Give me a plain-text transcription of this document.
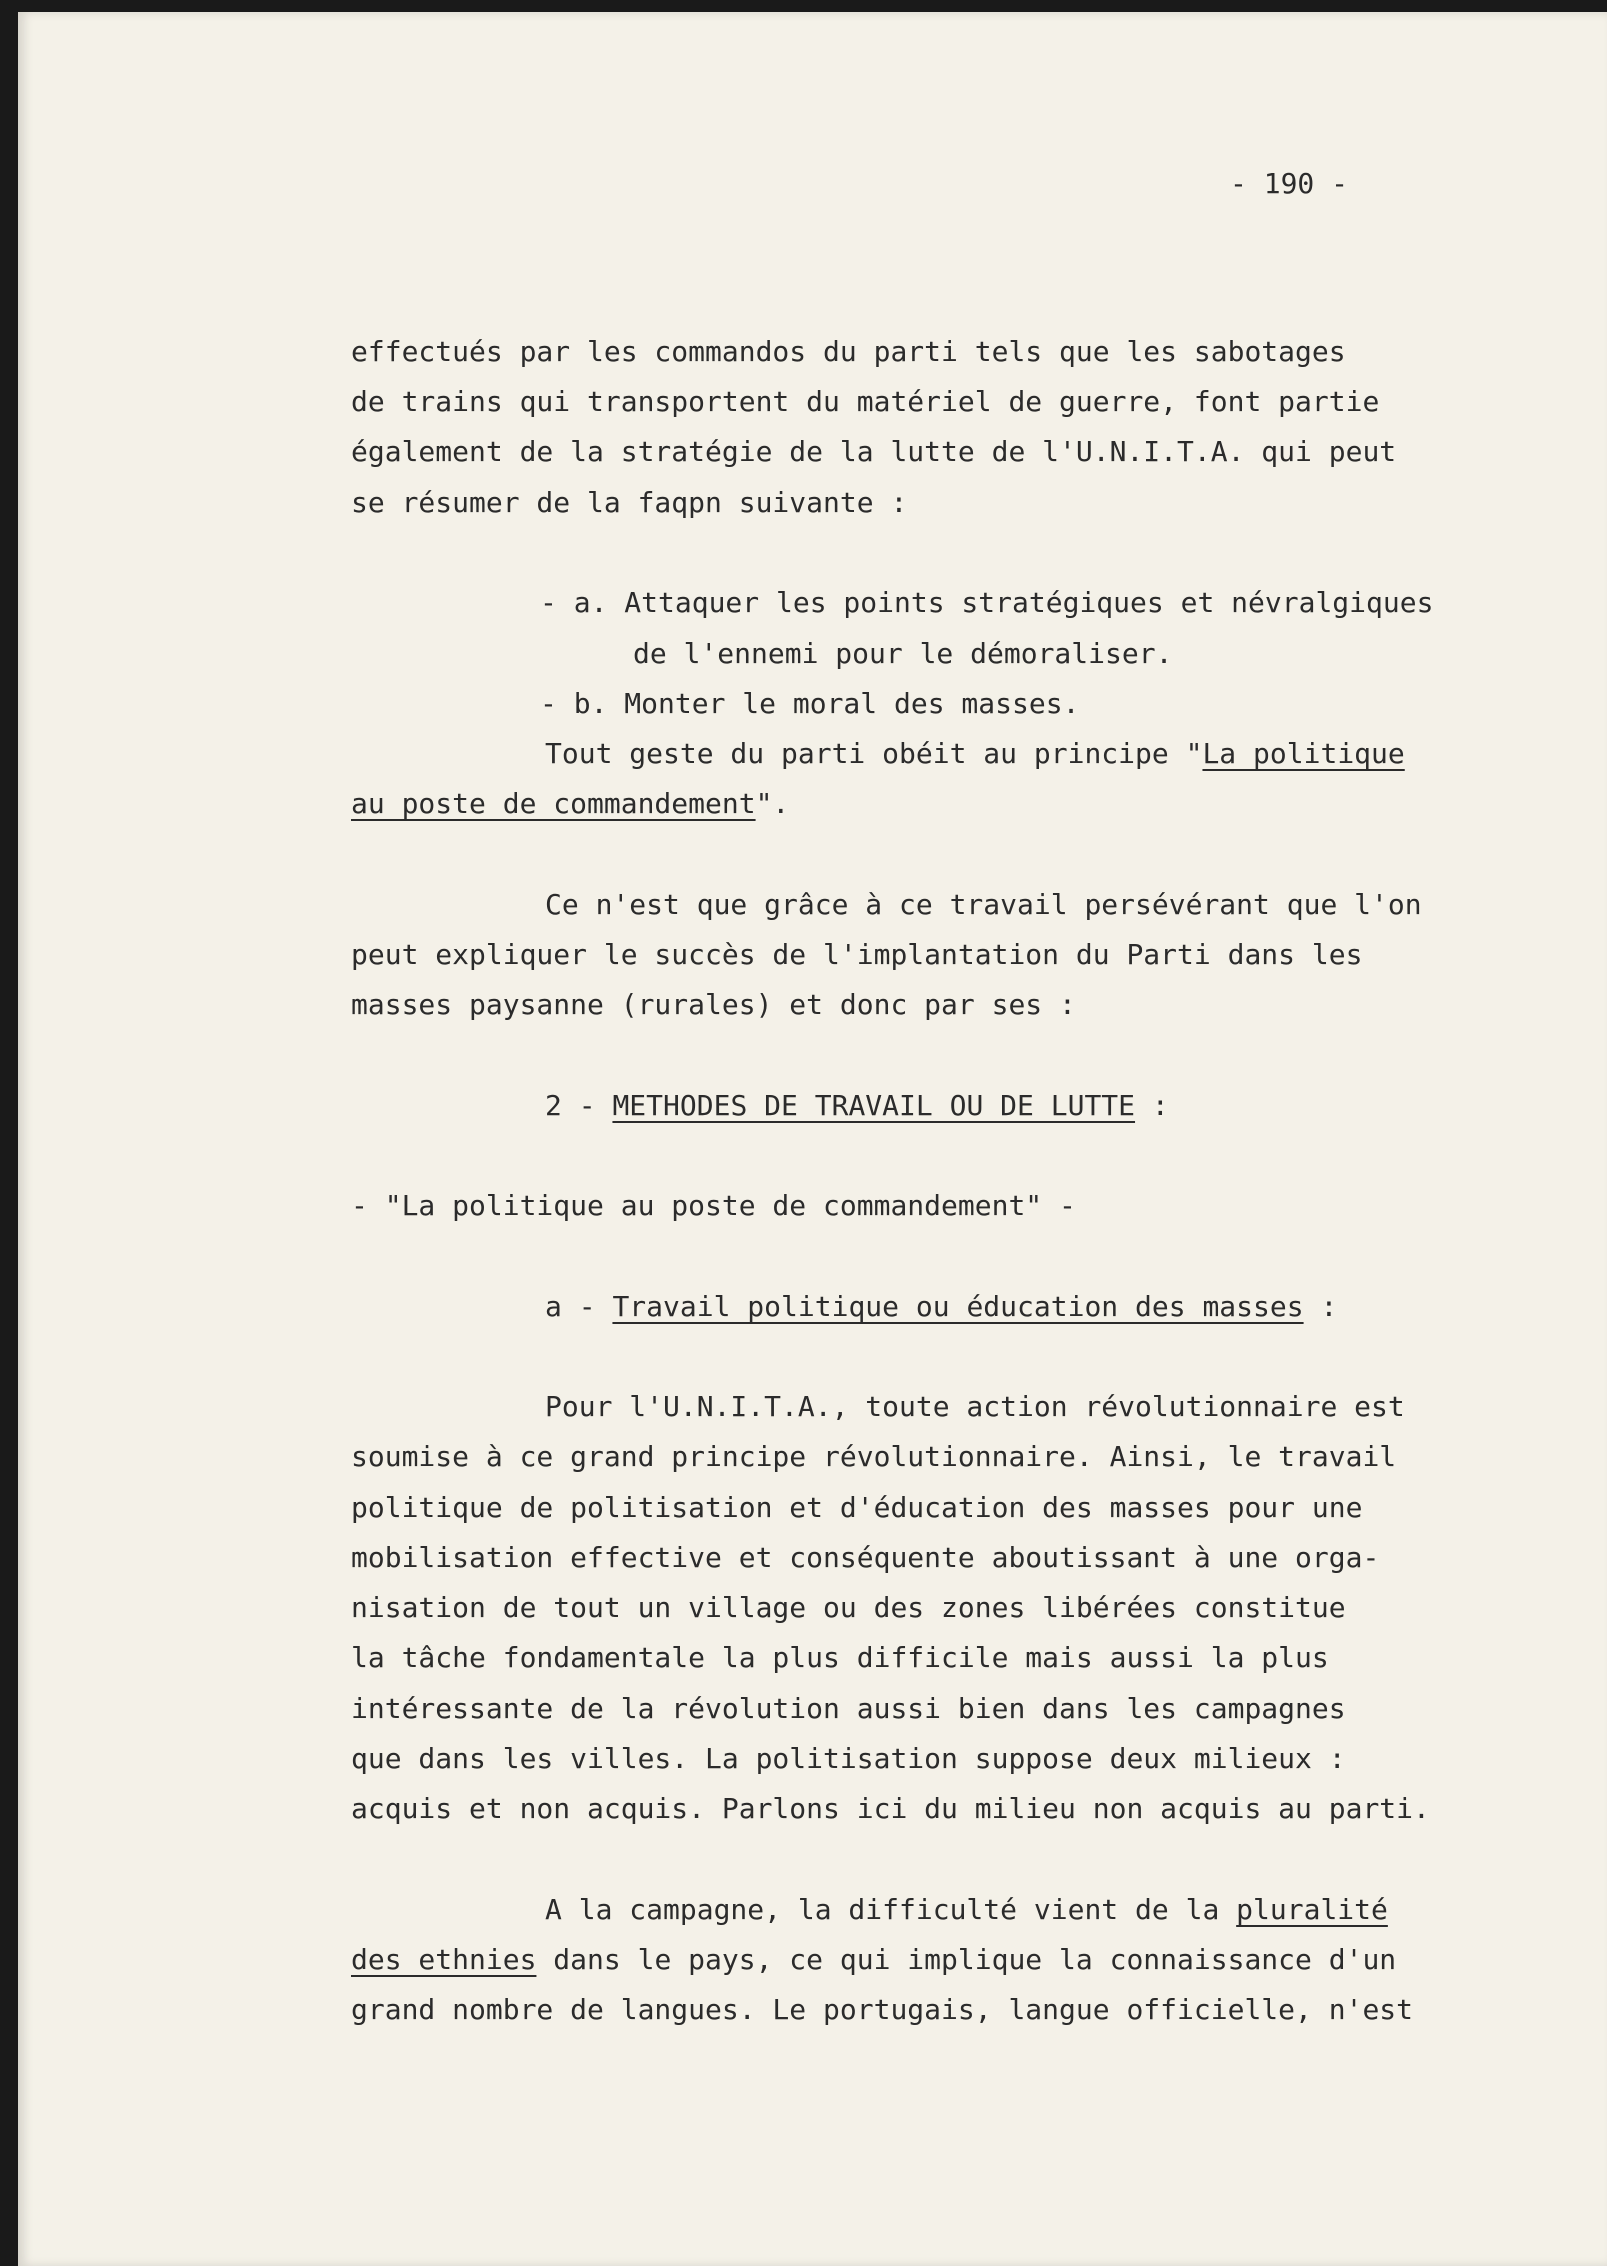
- 190 -
effectués par les commandos du parti tels que les sabotages
de trains qui transportent du matériel de guerre, font partie
également de la stratégie de la lutte de l'U.N.I.T.A. qui peut
se résumer de la faqpn suivante :
- a. Attaquer les points stratégiques et névralgiques
de l'ennemi pour le démoraliser.
- b. Monter le moral des masses.
Tout geste du parti obéit au principe "La politique
au poste de commandement".
Ce n'est que grâce à ce travail persévérant que l'on
peut expliquer le succès de l'implantation du Parti dans les
masses paysanne (rurales) et donc par ses :
2 - METHODES DE TRAVAIL OU DE LUTTE :
- "La politique au poste de commandement" -
a - Travail politique ou éducation des masses :
Pour l'U.N.I.T.A., toute action révolutionnaire est
soumise à ce grand principe révolutionnaire. Ainsi, le travail
politique de politisation et d'éducation des masses pour une
mobilisation effective et conséquente aboutissant à une orga-
nisation de tout un village ou des zones libérées constitue
la tâche fondamentale la plus difficile mais aussi la plus
intéressante de la révolution aussi bien dans les campagnes
que dans les villes. La politisation suppose deux milieux :
acquis et non acquis. Parlons ici du milieu non acquis au parti.
A la campagne, la difficulté vient de la pluralité
des ethnies dans le pays, ce qui implique la connaissance d'un
grand nombre de langues. Le portugais, langue officielle, n'est
